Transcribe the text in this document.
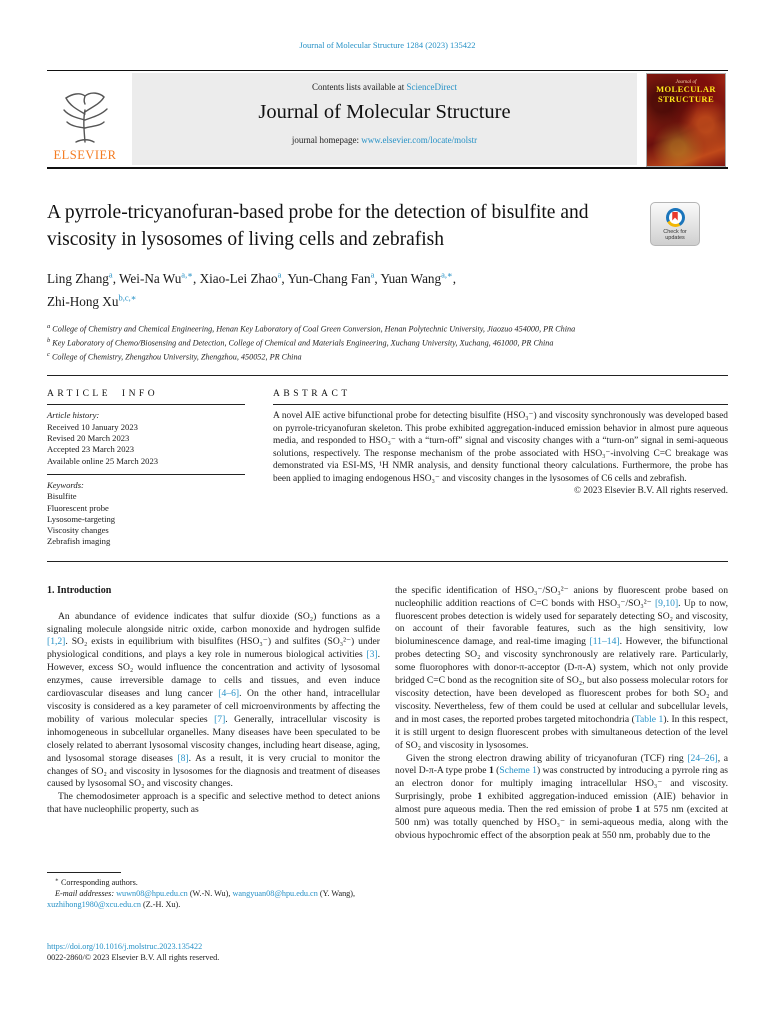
Journal of Molecular Structure 1284 (2023) 135422
ELSEVIER
Contents lists available at ScienceDirect
Journal of Molecular Structure
journal homepage: www.elsevier.com/locate/molstr
Journal of
MOLECULAR
STRUCTURE
A pyrrole-tricyanofuran-based probe for the detection of bisulfite and viscosity in lysosomes of living cells and zebrafish	Check for
updates
Ling Zhang$^a$, Wei-Na $Wu^{a,∗}$, Xiao-Lei Zhao$^a$, Yun-Chang Fan$^a$, Yuan Wang$^{a,∗}$,
Zhi-Hong $Xu^{b,c,∗}$
$^a$ College of Chemistry and Chemical Engineering, Henan Key Laboratory of Coal Green Conversion, Henan Polytechnic University, Jiaozuo 454000, PR China
$^b$ Key Laboratory of Chemo/Biosensing and Detection, College of Chemical and Materials Engineering, Xuchang University, Xuchang, 461000, PR China
$^c$ College of Chemistry, Zhengzhou University, Zhengzhou, 450052, PR China
ARTICLE INFO
Article history:
Received 10 January 2023
Revised 20 March 2023
Accepted 23 March 2023
Available online 25 March 2023
Keywords:
Bisulfite
Fluorescent probe
Lysosome-targeting
Viscosity changes
Zebrafish imaging
ABSTRACT
A novel AIE active bifunctional probe for detecting bisulfite (HSO₃⁻) and viscosity synchronously was developed based on pyrrole-tricyanofuran skeleton. This probe exhibited aggregation-induced emission behavior in almost pure aqueous media, and responded to HSO₃⁻ with a “turn-off” signal and viscosity changes with a “turn-on” signal in semi-aqueous solutions, respectively. The response mechanism of the probe associated with HSO₃⁻-involving C=C breakage was demonstrated via ESI-MS, ¹H NMR analysis, and density functional theory calculations. Furthermore, the probe has been applied to imaging endogenous HSO₃⁻ and viscosity changes in the lysosomes of C6 cells and zebrafish.
© 2023 Elsevier B.V. All rights reserved.
1. Introduction

An abundance of evidence indicates that sulfur dioxide (SO₂) functions as a signaling molecule alongside nitric oxide, carbon monoxide and hydrogen sulfide [1,2]. SO₂ exists in equilibrium with bisulfites (HSO₃⁻) and sulfites (SO₃²⁻) under physiological conditions, and plays a key role in numerous biological activities [3]. However, excess SO₂ would influence the concentration and activity of lysosomal enzymes, cause irreversible damage to cells and tissues, and even induce cardiovascular diseases and lung cancer [4–6]. On the other hand, intracellular viscosity is considered as a key parameter of cell microenvironments by affecting the mobility of various molecular species [7]. Generally, intracellular viscosity is inhomogeneous in subcellular organelles. Many diseases have been speculated to be closely related to aberrant lysosomal viscosity changes, including heart disease, aging, and lysosomal storage diseases [8]. As a result, it is very crucial to monitor the changes of SO₂ and viscosity in lysosomes for the diagnosis and treatment of diseases caused by lysosomal SO₂ and viscosity changes.

The chemodosimeter approach is a specific and selective method to detect anions that have nucleophilic property, such as

the specific identification of HSO₃⁻/SO₃²⁻ anions by fluorescent probe based on nucleophilic addition reactions of C=C bonds with HSO₃⁻/SO₃²⁻ [9,10]. Up to now, fluorescent probes detection is widely used for separately detecting SO₂ and viscosity, on account of their favorable features, such as the high sensitivity, low bioluminescence damage, and real-time imaging [11–14]. However, the bifunctional probes detecting SO₂ and viscosity synchronously are relatively rare. Particularly, some fluorophores with donor-π-acceptor (D-π-A) system, which not only provide bridged C=C bond as the recognition site of SO₂, but also possess molecular rotors for viscosity detection, have been developed as fluorescent probes for both SO₂ and viscosity. Nevertheless, few of them could be used at cellular and subcellular levels, and in most cases, the reported probes targeted mitochondria (Table 1). In this respect, it is still urgent to design fluorescent probes with simultaneous detection of the level of SO₂ and viscosity in lysosomes.

Given the strong electron drawing ability of tricyanofuran (TCF) ring [24–26], a novel D-π-A type probe 1 (Scheme 1) was constructed by introducing a pyrrole ring as an electron donor for multiply imaging intracellular HSO₃⁻ and viscosity. Surprisingly, probe 1 exhibited aggregation-induced emission (AIE) behavior in almost pure aqueous media. Then the red emission of probe 1 at 575 nm (excited at 500 nm) was totally quenched by HSO₃⁻ in semi-aqueous media, along with the obvious hypochromic effect of the absorption peak at 550 nm, probably due to the

∗ Corresponding authors.

E-mail addresses: wuwn08@hpu.edu.cn (W.-N. Wu), wangyuan08@hpu.edu.cn (Y. Wang), xuzhihong1980@xcu.edu.cn (Z.-H. Xu).

https://doi.org/10.1016/j.molstruc.2023.135422
0022-2860/© 2023 Elsevier B.V. All rights reserved.
